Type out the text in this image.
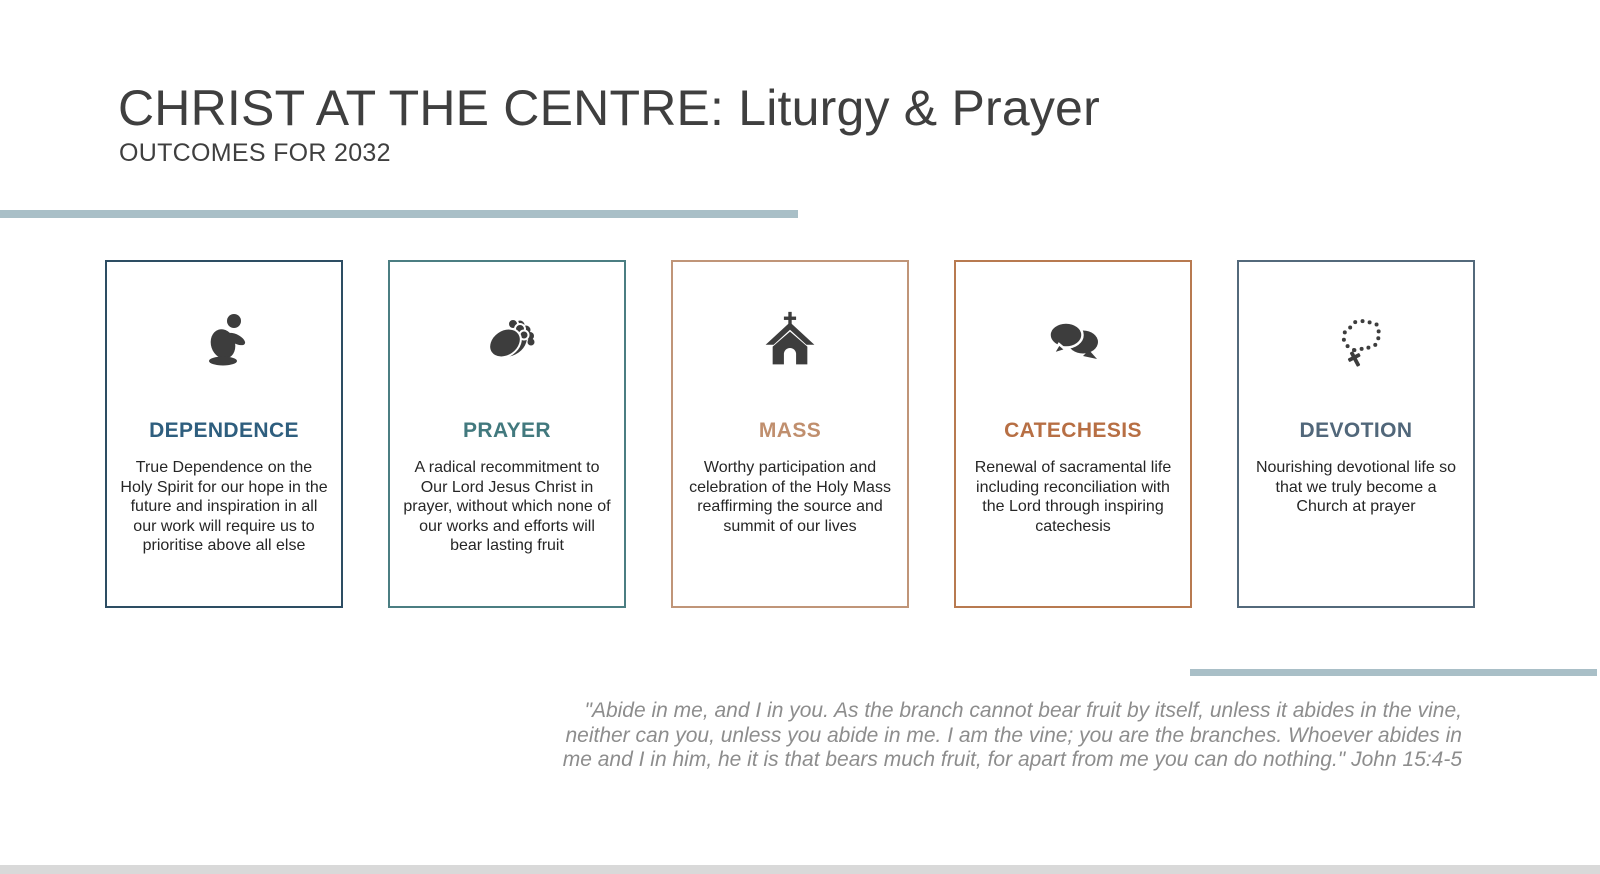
CHRIST AT THE CENTRE: Liturgy & Prayer
OUTCOMES FOR 2032
DEPENDENCE
True Dependence on the Holy Spirit for our hope in the future and inspiration in all our work will require us to prioritise above all else
PRAYER
A radical recommitment to Our Lord Jesus Christ in prayer, without which none of our works and efforts will bear lasting fruit
MASS
Worthy participation and celebration of the Holy Mass reaffirming the source and summit of our lives
CATECHESIS
Renewal of sacramental life including reconciliation with the Lord through inspiring catechesis
DEVOTION
Nourishing devotional life so that we truly become a Church at prayer
"Abide in me, and I in you. As the branch cannot bear fruit by itself, unless it abides in the vine, neither can you, unless you abide in me. I am the vine; you are the branches. Whoever abides in me and I in him, he it is that bears much fruit, for apart from me you can do nothing." John 15:4-5
